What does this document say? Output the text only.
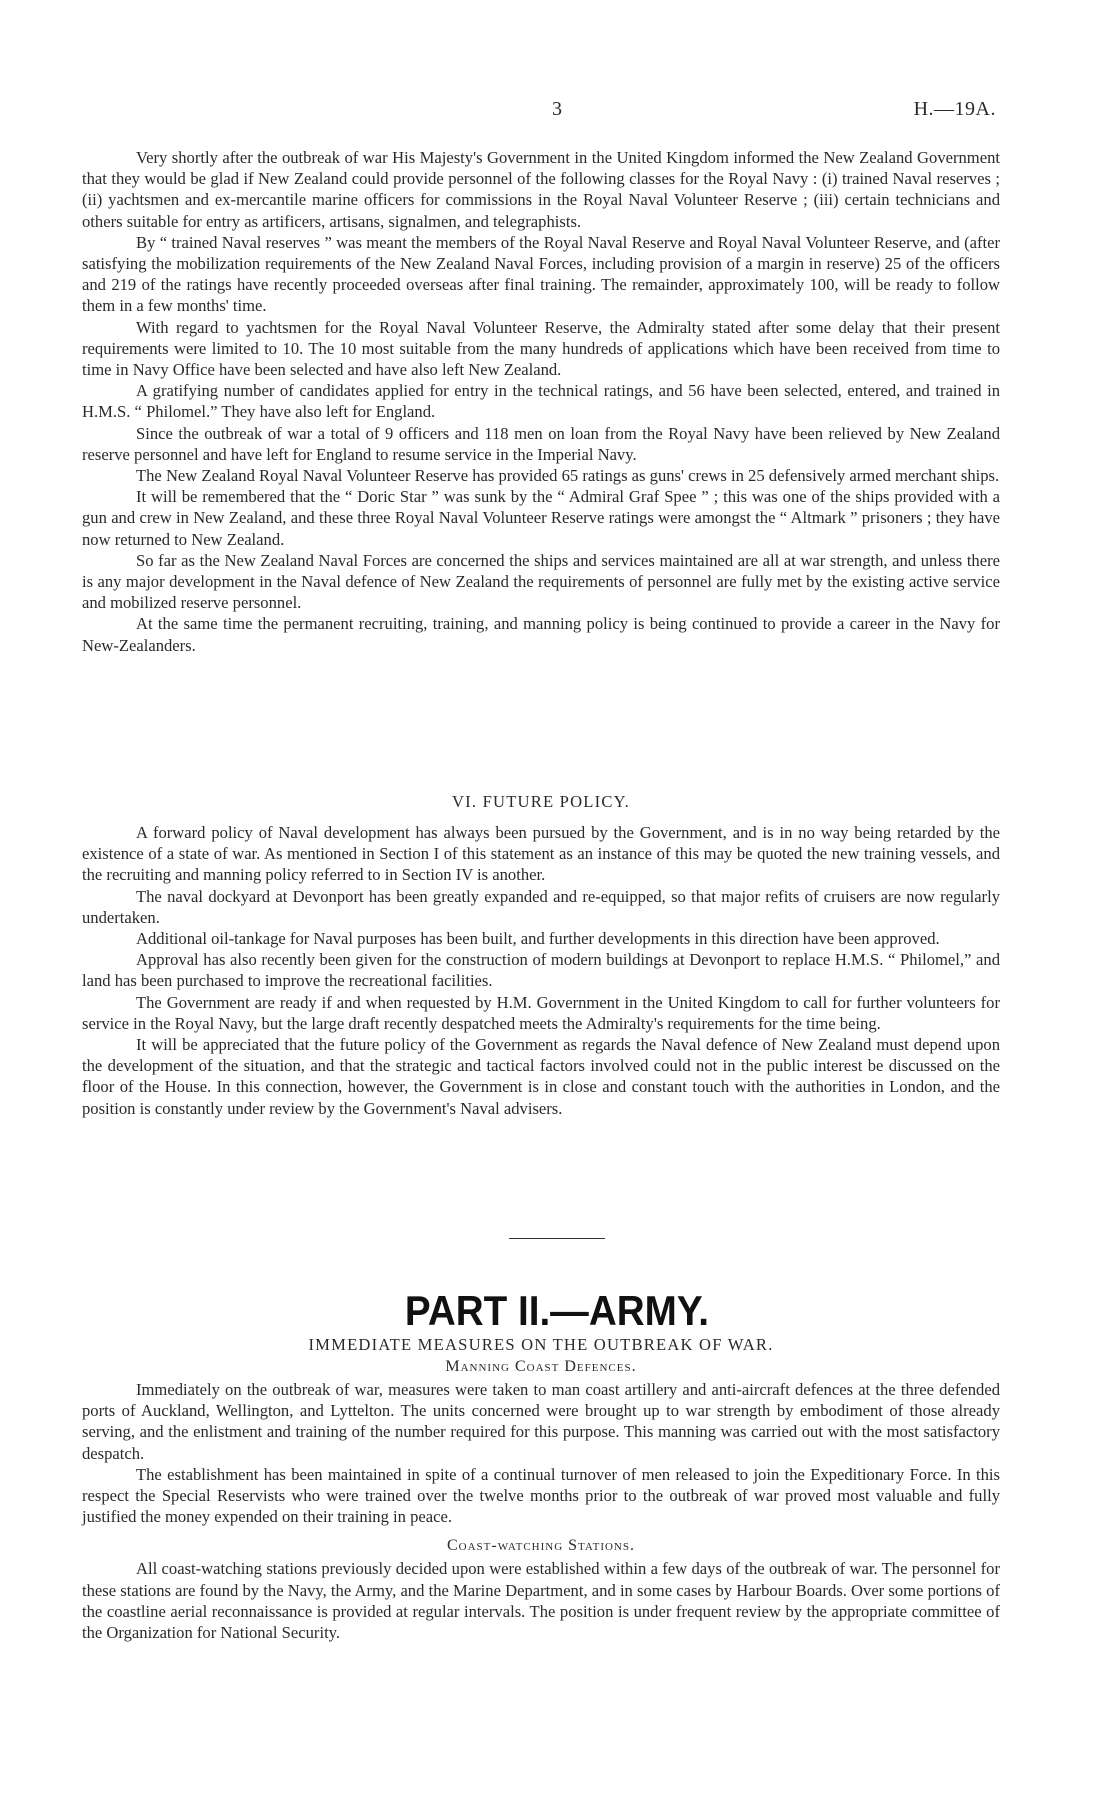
3	H.—19A.

Very shortly after the outbreak of war His Majesty's Government in the United Kingdom informed the New Zealand Government that they would be glad if New Zealand could provide personnel of the following classes for the Royal Navy : (i) trained Naval reserves ; (ii) yachtsmen and ex-mercantile marine officers for commissions in the Royal Naval Volunteer Reserve ; (iii) certain technicians and others suitable for entry as artificers, artisans, signalmen, and telegraphists.

By “ trained Naval reserves ” was meant the members of the Royal Naval Reserve and Royal Naval Volunteer Reserve, and (after satisfying the mobilization requirements of the New Zealand Naval Forces, including provision of a margin in reserve) 25 of the officers and 219 of the ratings have recently proceeded overseas after final training. The remainder, approximately 100, will be ready to follow them in a few months' time.

With regard to yachtsmen for the Royal Naval Volunteer Reserve, the Admiralty stated after some delay that their present requirements were limited to 10. The 10 most suitable from the many hundreds of applications which have been received from time to time in Navy Office have been selected and have also left New Zealand.

A gratifying number of candidates applied for entry in the technical ratings, and 56 have been selected, entered, and trained in H.M.S. “ Philomel.” They have also left for England.

Since the outbreak of war a total of 9 officers and 118 men on loan from the Royal Navy have been relieved by New Zealand reserve personnel and have left for England to resume service in the Imperial Navy.

The New Zealand Royal Naval Volunteer Reserve has provided 65 ratings as guns' crews in 25 defensively armed merchant ships.

It will be remembered that the “ Doric Star ” was sunk by the “ Admiral Graf Spee ” ; this was one of the ships provided with a gun and crew in New Zealand, and these three Royal Naval Volunteer Reserve ratings were amongst the “ Altmark ” prisoners ; they have now returned to New Zealand.

So far as the New Zealand Naval Forces are concerned the ships and services maintained are all at war strength, and unless there is any major development in the Naval defence of New Zealand the requirements of personnel are fully met by the existing active service and mobilized reserve personnel.

At the same time the permanent recruiting, training, and manning policy is being continued to provide a career in the Navy for New-Zealanders.

VI. FUTURE POLICY.

A forward policy of Naval development has always been pursued by the Government, and is in no way being retarded by the existence of a state of war. As mentioned in Section I of this statement as an instance of this may be quoted the new training vessels, and the recruiting and manning policy referred to in Section IV is another.

The naval dockyard at Devonport has been greatly expanded and re-equipped, so that major refits of cruisers are now regularly undertaken.

Additional oil-tankage for Naval purposes has been built, and further developments in this direction have been approved.

Approval has also recently been given for the construction of modern buildings at Devonport to replace H.M.S. “ Philomel,” and land has been purchased to improve the recreational facilities.

The Government are ready if and when requested by H.M. Government in the United Kingdom to call for further volunteers for service in the Royal Navy, but the large draft recently despatched meets the Admiralty's requirements for the time being.

It will be appreciated that the future policy of the Government as regards the Naval defence of New Zealand must depend upon the development of the situation, and that the strategic and tactical factors involved could not in the public interest be discussed on the floor of the House. In this connection, however, the Government is in close and constant touch with the authorities in London, and the position is constantly under review by the Government's Naval advisers.

PART II.—ARMY.
IMMEDIATE MEASURES ON THE OUTBREAK OF WAR.
Manning Coast Defences.

Immediately on the outbreak of war, measures were taken to man coast artillery and anti-aircraft defences at the three defended ports of Auckland, Wellington, and Lyttelton. The units concerned were brought up to war strength by embodiment of those already serving, and the enlistment and training of the number required for this purpose. This manning was carried out with the most satisfactory despatch.

The establishment has been maintained in spite of a continual turnover of men released to join the Expeditionary Force. In this respect the Special Reservists who were trained over the twelve months prior to the outbreak of war proved most valuable and fully justified the money expended on their training in peace.

Coast-watching Stations.

All coast-watching stations previously decided upon were established within a few days of the outbreak of war. The personnel for these stations are found by the Navy, the Army, and the Marine Department, and in some cases by Harbour Boards. Over some portions of the coastline aerial reconnaissance is provided at regular intervals. The position is under frequent review by the appropriate committee of the Organization for National Security.
